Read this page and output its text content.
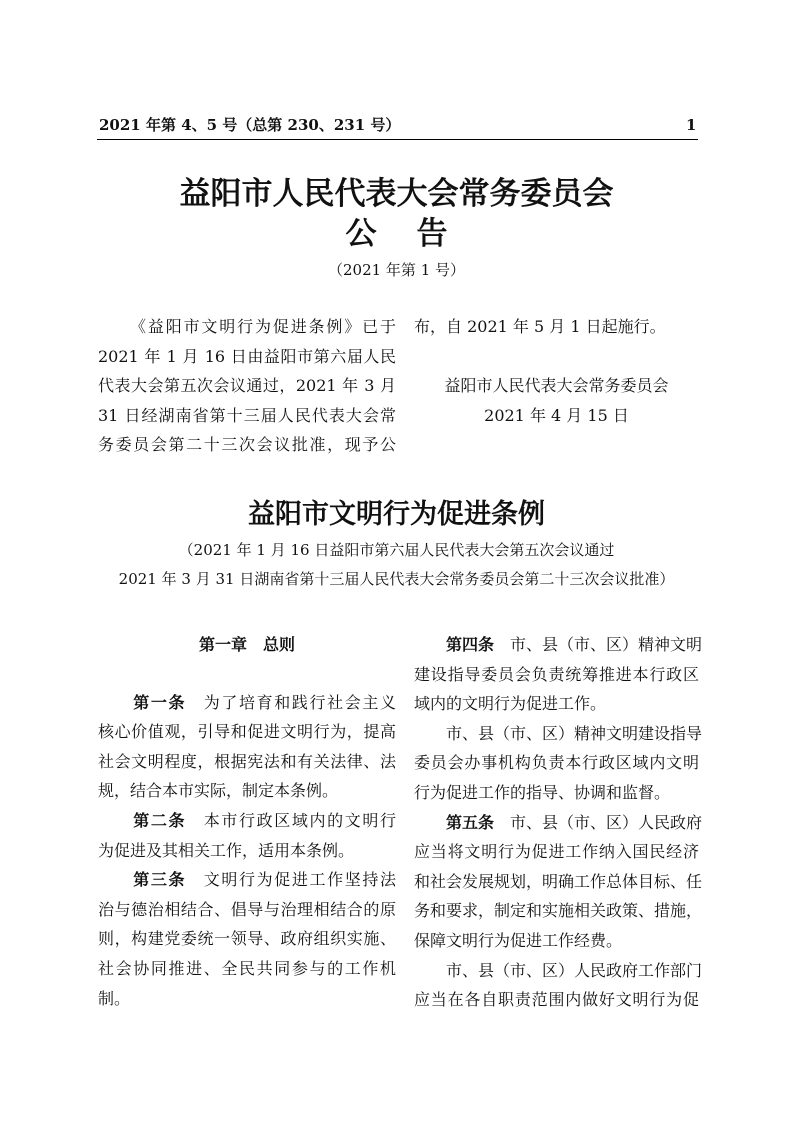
2021 年第 4、5 号（总第 230、231 号）	1
益阳市人民代表大会常务委员会
公告
（2021 年第 1 号）

《益阳市文明行为促进条例》已于

2021 年 1 月 16 日由益阳市第六届人民

代表大会第五次会议通过，2021 年 3 月

31 日经湖南省第十三届人民代表大会常

务委员会第二十三次会议批准，现予公

布，自 2021 年 5 月 1 日起施行。

益阳市人民代表大会常务委员会

2021 年 4 月 15 日

益阳市文明行为促进条例
（2021 年 1 月 16 日益阳市第六届人民代表大会第五次会议通过
2021 年 3 月 31 日湖南省第十三届人民代表大会常务委员会第二十三次会议批准）

第一章　总则

　　第一条　为了培育和践行社会主义

核心价值观，引导和促进文明行为，提高

社会文明程度，根据宪法和有关法律、法

规，结合本市实际，制定本条例。

　　第二条　本市行政区域内的文明行

为促进及其相关工作，适用本条例。

　　第三条　文明行为促进工作坚持法

治与德治相结合、倡导与治理相结合的原

则，构建党委统一领导、政府组织实施、

社会协同推进、全民共同参与的工作机

制。

　　第四条　市、县（市、区）精神文明

建设指导委员会负责统筹推进本行政区

域内的文明行为促进工作。

　　市、县（市、区）精神文明建设指导

委员会办事机构负责本行政区域内文明

行为促进工作的指导、协调和监督。

　　第五条　市、县（市、区）人民政府

应当将文明行为促进工作纳入国民经济

和社会发展规划，明确工作总体目标、任

务和要求，制定和实施相关政策、措施，

保障文明行为促进工作经费。

　　市、县（市、区）人民政府工作部门

应当在各自职责范围内做好文明行为促
